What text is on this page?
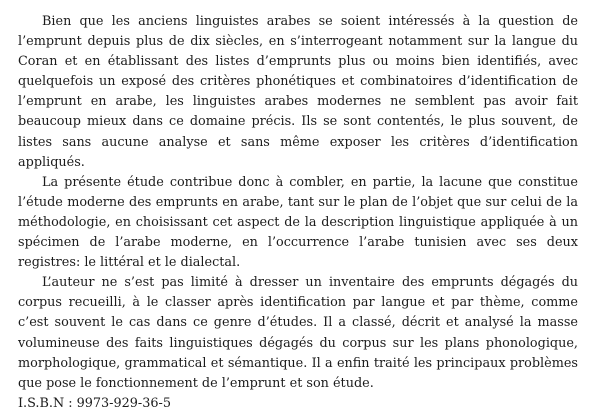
Bien que les anciens linguistes arabes se soient intéressés à la question de l’emprunt depuis plus de dix siècles, en s’interrogeant notamment sur la langue du Coran et en établissant des listes d’emprunts plus ou moins bien identifiés, avec quelquefois un exposé des critères phonétiques et combinatoires d’identification de l’emprunt en arabe, les linguistes arabes modernes ne semblent pas avoir fait beaucoup mieux dans ce domaine précis. Ils se sont contentés, le plus souvent, de listes sans aucune analyse et sans même exposer les critères d’identification appliqués.

La présente étude contribue donc à combler, en partie, la lacune que constitue l’étude moderne des emprunts en arabe, tant sur le plan de l’objet que sur celui de la méthodologie, en choisissant cet aspect de la description linguistique appliquée à un spécimen de l’arabe moderne, en l’occurrence l’arabe tunisien avec ses deux registres: le littéral et le dialectal.

L’auteur ne s’est pas limité à dresser un inventaire des emprunts dégagés du corpus recueilli, à le classer après identification par langue et par thème, comme c’est souvent le cas dans ce genre d’études. Il a classé, décrit et analysé la masse volumineuse des faits linguistiques dégagés du corpus sur les plans phonologique, morphologique, grammatical et sémantique. Il a enfin traité les principaux problèmes que pose le fonctionnement de l’emprunt et son étude.

I.S.B.N : 9973-929-36-5
